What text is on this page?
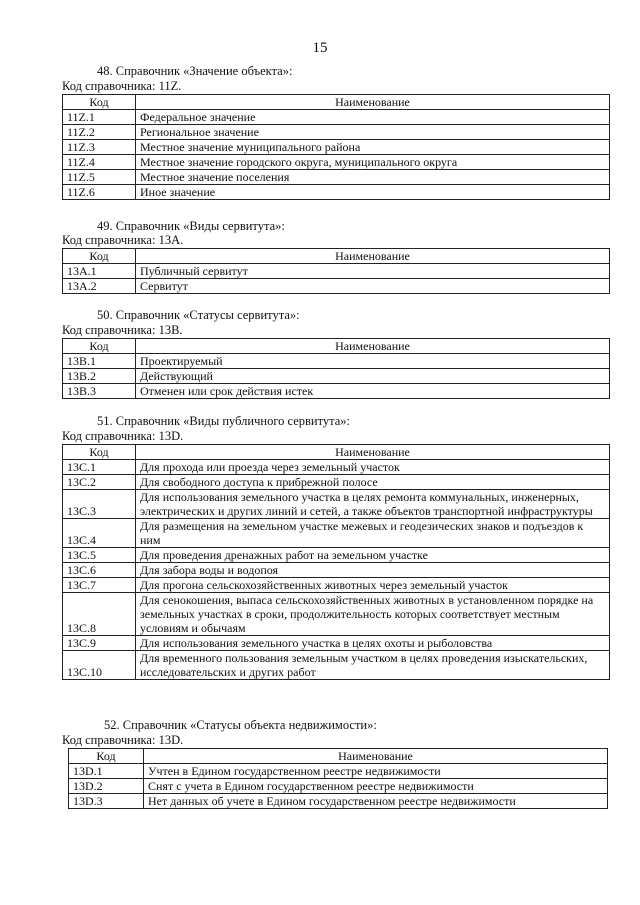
15
48. Справочник «Значение объекта»:
Код справочника: 11Z.
Код	Наименование
11Z.1	Федеральное значение
11Z.2	Региональное значение
11Z.3	Местное значение муниципального района
11Z.4	Местное значение городского округа, муниципального округа
11Z.5	Местное значение поселения
11Z.6	Иное значение
49. Справочник «Виды сервитута»:
Код справочника: 13А.
Код	Наименование
13А.1	Публичный сервитут
13А.2	Сервитут
50. Справочник «Статусы сервитута»:
Код справочника: 13В.
Код	Наименование
13В.1	Проектируемый
13В.2	Действующий
13В.3	Отменен или срок действия истек
51. Справочник «Виды публичного сервитута»:
Код справочника: 13D.
Код	Наименование
13С.1	Для прохода или проезда через земельный участок
13С.2	Для свободного доступа к прибрежной полосе
13С.3	Для использования земельного участка в целях ремонта коммунальных, инженерных, электрических и других линий и сетей, а также объектов транспортной инфраструктуры
13С.4	Для размещения на земельном участке межевых и геодезических знаков и подъездов к ним
13С.5	Для проведения дренажных работ на земельном участке
13С.6	Для забора воды и водопоя
13С.7	Для прогона сельскохозяйственных животных через земельный участок
13С.8	Для сенокошения, выпаса сельскохозяйственных животных в установленном порядке на земельных участках в сроки, продолжительность которых соответствует местным условиям и обычаям
13С.9	Для использования земельного участка в целях охоты и рыболовства
13С.10	Для временного пользования земельным участком в целях проведения изыскательских, исследовательских и других работ
52. Справочник «Статусы объекта недвижимости»:
Код справочника: 13D.
Код	Наименование
13D.1	Учтен в Едином государственном реестре недвижимости
13D.2	Снят с учета в Едином государственном реестре недвижимости
13D.3	Нет данных об учете в Едином государственном реестре недвижимости
